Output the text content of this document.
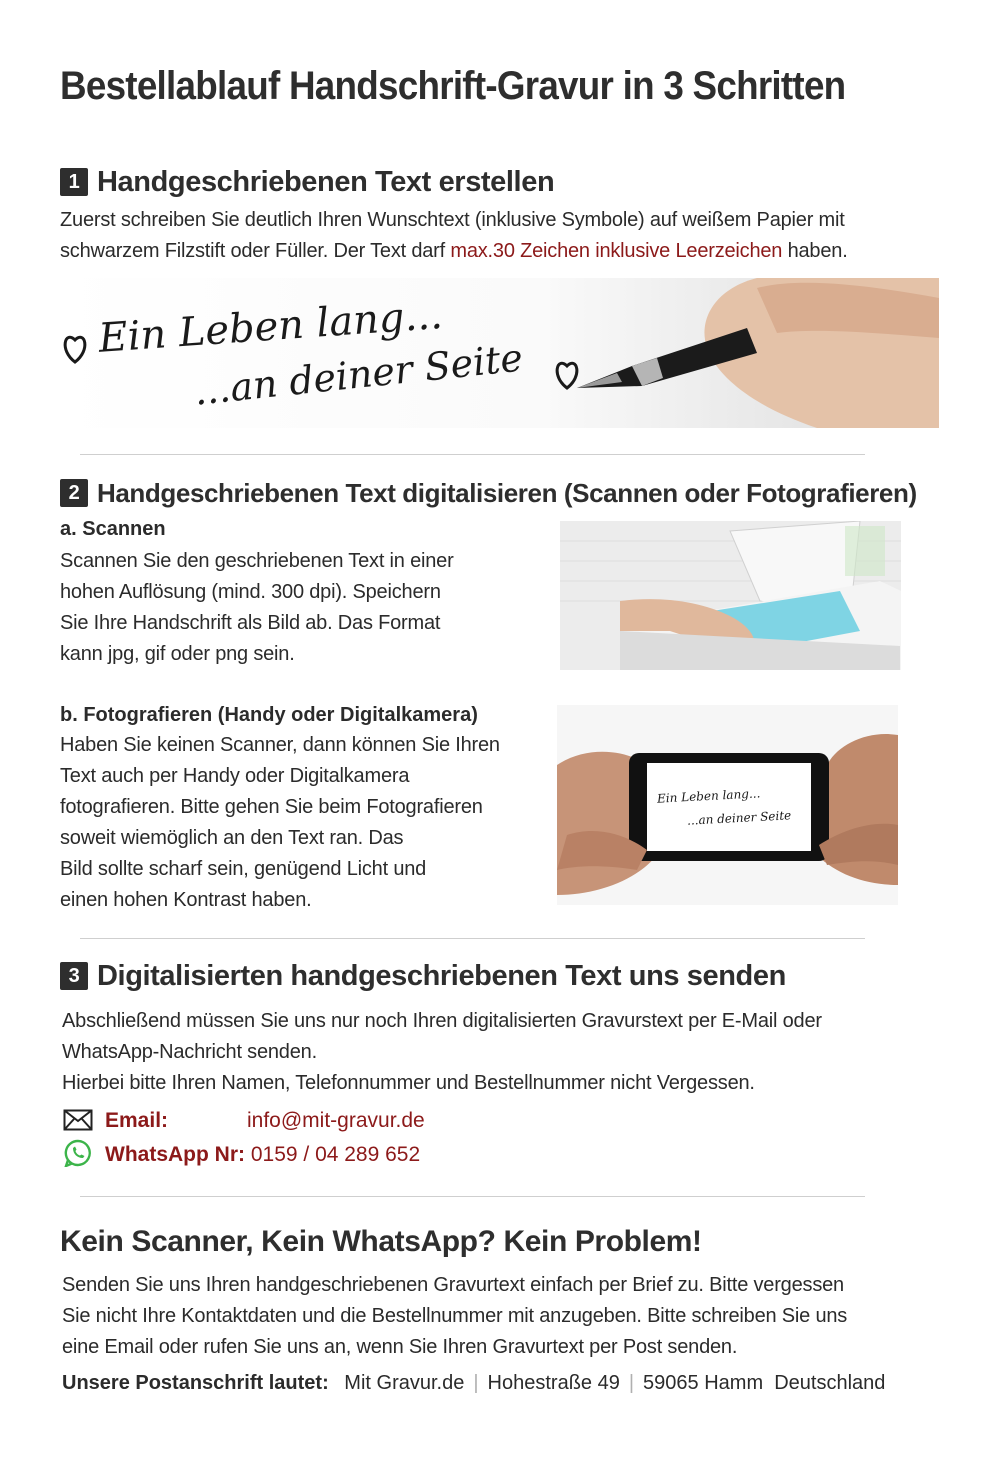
Bestellablauf Handschrift-Gravur in 3 Schritten
1 Handgeschriebenen Text erstellen
Zuerst schreiben Sie deutlich Ihren Wunschtext (inklusive Symbole) auf weißem Papier mit
schwarzem Filzstift oder Füller. Der Text darf max.30 Zeichen inklusive Leerzeichen haben.
Ein Leben lang...
...an deiner Seite
2 Handgeschriebenen Text digitalisieren (Scannen oder Fotografieren)
a. Scannen
Scannen Sie den geschriebenen Text in einer
hohen Auflösung (mind. 300 dpi). Speichern
Sie Ihre Handschrift als Bild ab. Das Format
kann jpg, gif oder png sein.
b. Fotografieren (Handy oder Digitalkamera)
Haben Sie keinen Scanner, dann können Sie Ihren
Text auch per Handy oder Digitalkamera
fotografieren. Bitte gehen Sie beim Fotografieren
soweit wiemöglich an den Text ran. Das
Bild sollte scharf sein, genügend Licht und
einen hohen Kontrast haben.
Ein Leben lang...
...an deiner Seite
3 Digitalisierten handgeschriebenen Text uns senden
Abschließend müssen Sie uns nur noch Ihren digitalisierten Gravurstext per E-Mail oder
WhatsApp-Nachricht senden.
Hierbei bitte Ihren Namen, Telefonnummer und Bestellnummer nicht Vergessen.
Email:	info@mit-gravur.de
WhatsApp Nr: 0159 / 04 289 652
Kein Scanner, Kein WhatsApp? Kein Problem!
Senden Sie uns Ihren handgeschriebenen Gravurtext einfach per Brief zu. Bitte vergessen
Sie nicht Ihre Kontaktdaten und die Bestellnummer mit anzugeben. Bitte schreiben Sie uns
eine Email oder rufen Sie uns an, wenn Sie Ihren Gravurtext per Post senden.
Unsere Postanschrift lautet: Mit Gravur.de | Hohestraße 49 | 59065 Hamm Deutschland
